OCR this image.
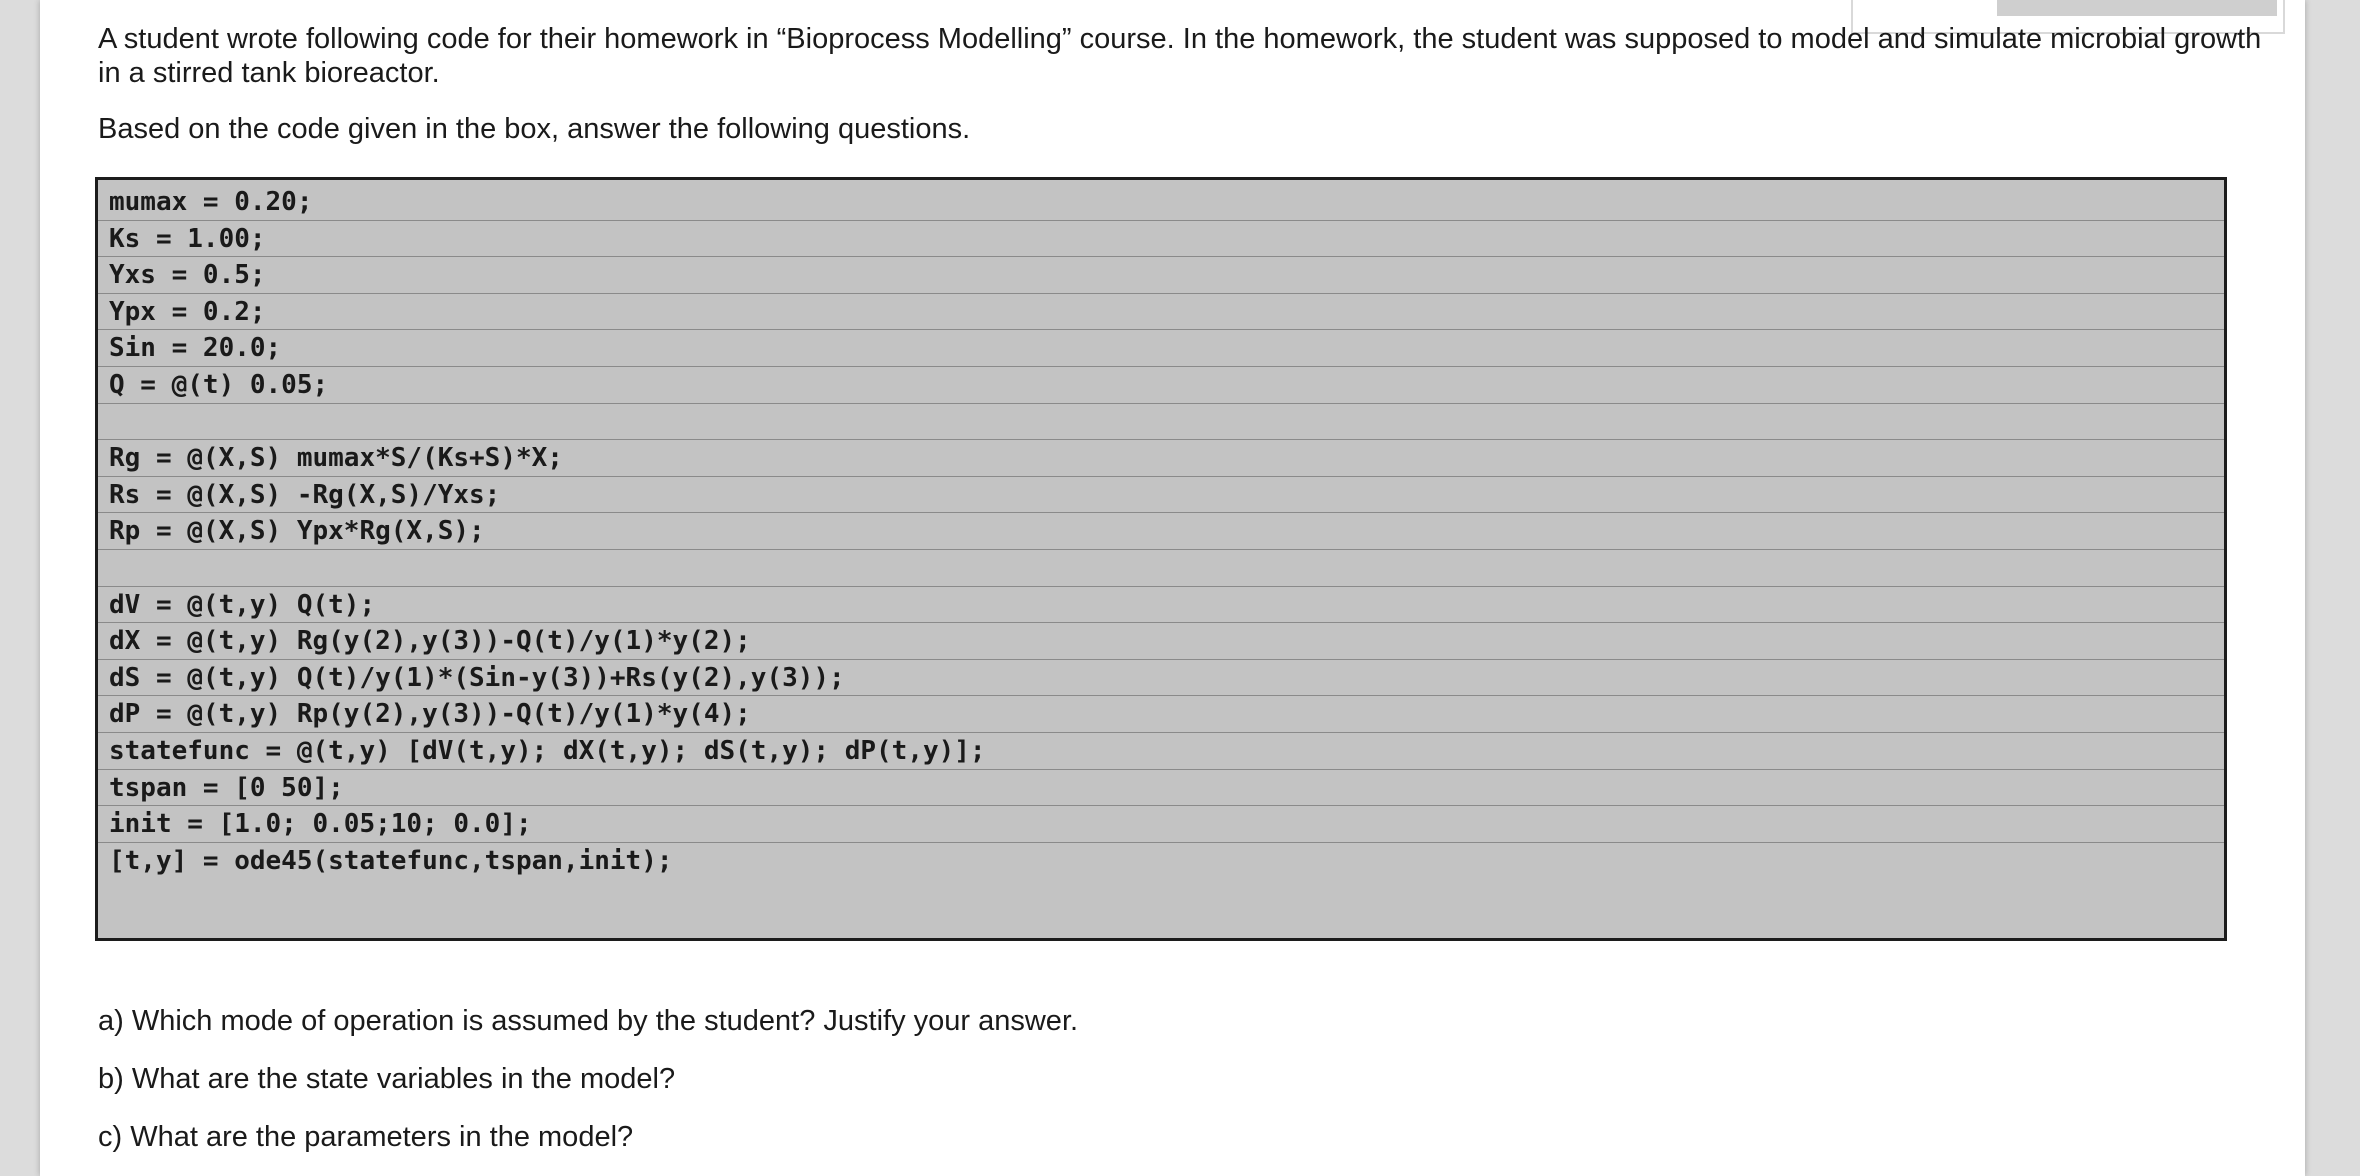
A student wrote following code for their homework in “Bioprocess Modelling” course. In the homework, the student was supposed to model and simulate microbial growth in a stirred tank bioreactor.
Based on the code given in the box, answer the following questions.
mumax = 0.20;
Ks = 1.00;
Yxs = 0.5;
Ypx = 0.2;
Sin = 20.0;
Q = @(t) 0.05;
Rg = @(X,S) mumax*S/(Ks+S)*X;
Rs = @(X,S) -Rg(X,S)/Yxs;
Rp = @(X,S) Ypx*Rg(X,S);
dV = @(t,y) Q(t);
dX = @(t,y) Rg(y(2),y(3))-Q(t)/y(1)*y(2);
dS = @(t,y) Q(t)/y(1)*(Sin-y(3))+Rs(y(2),y(3));
dP = @(t,y) Rp(y(2),y(3))-Q(t)/y(1)*y(4);
statefunc = @(t,y) [dV(t,y); dX(t,y); dS(t,y); dP(t,y)];
tspan = [0 50];
init = [1.0; 0.05;10; 0.0];
[t,y] = ode45(statefunc,tspan,init);
a) Which mode of operation is assumed by the student? Justify your answer.
b) What are the state variables in the model?
c) What are the parameters in the model?
